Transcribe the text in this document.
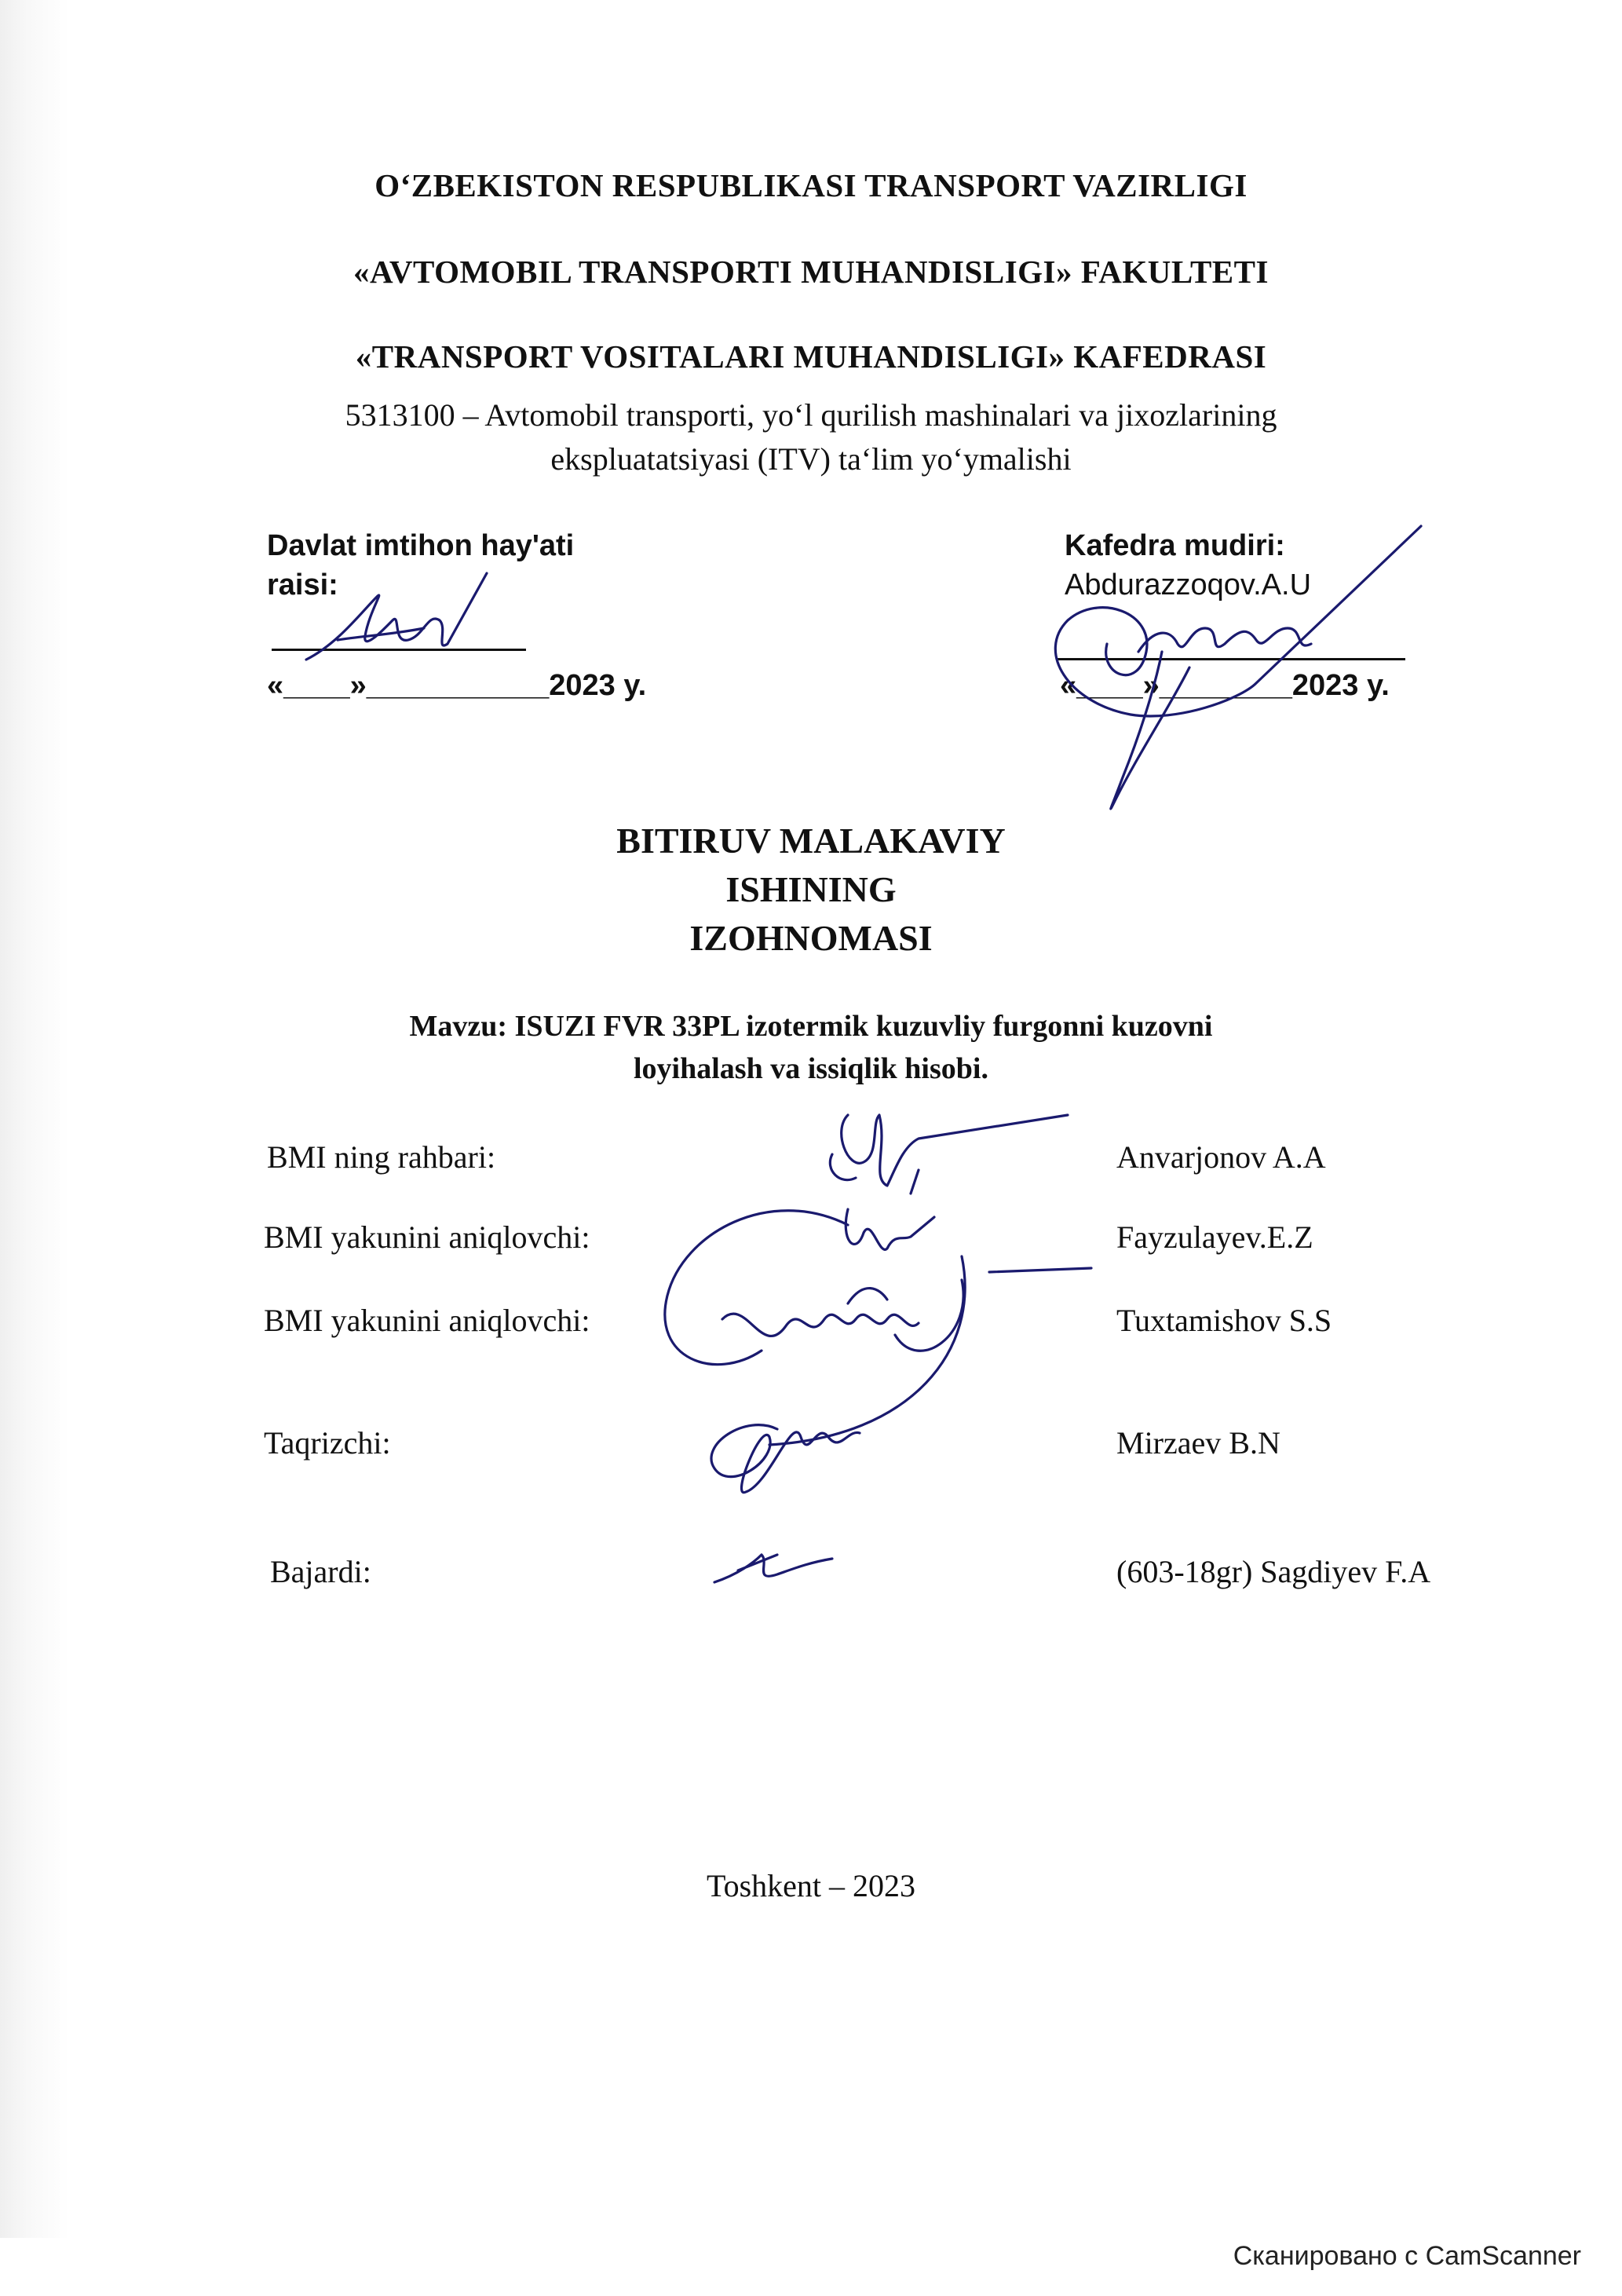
O‘ZBEKISTON RESPUBLIKASI TRANSPORT VAZIRLIGI
«AVTOMOBIL TRANSPORTI MUHANDISLIGI» FAKULTETI
«TRANSPORT VOSITALARI MUHANDISLIGI» KAFEDRASI
5313100 – Avtomobil transporti, yo‘l qurilish mashinalari va jixozlarining
ekspluatatsiyasi (ITV) ta‘lim yo‘ymalishi
Davlat imtihon hay'ati
raisi:
«____»___________2023 y.
Kafedra mudiri:
Abdurazzoqov.A.U
«____»________2023 y.
BITIRUV MALAKAVIY
ISHINING
IZOHNOMASI
Mavzu: ISUZI FVR 33PL izotermik kuzuvliy furgonni kuzovni
loyihalash va issiqlik hisobi.
BMI ning rahbari:	Anvarjonov A.A
BMI yakunini aniqlovchi:	Fayzulayev.E.Z
BMI yakunini aniqlovchi:	Tuxtamishov S.S
Taqrizchi:	Mirzaev B.N
Bajardi:	(603-18gr) Sagdiyev F.A
Toshkent – 2023
Сканировано с CamScanner
